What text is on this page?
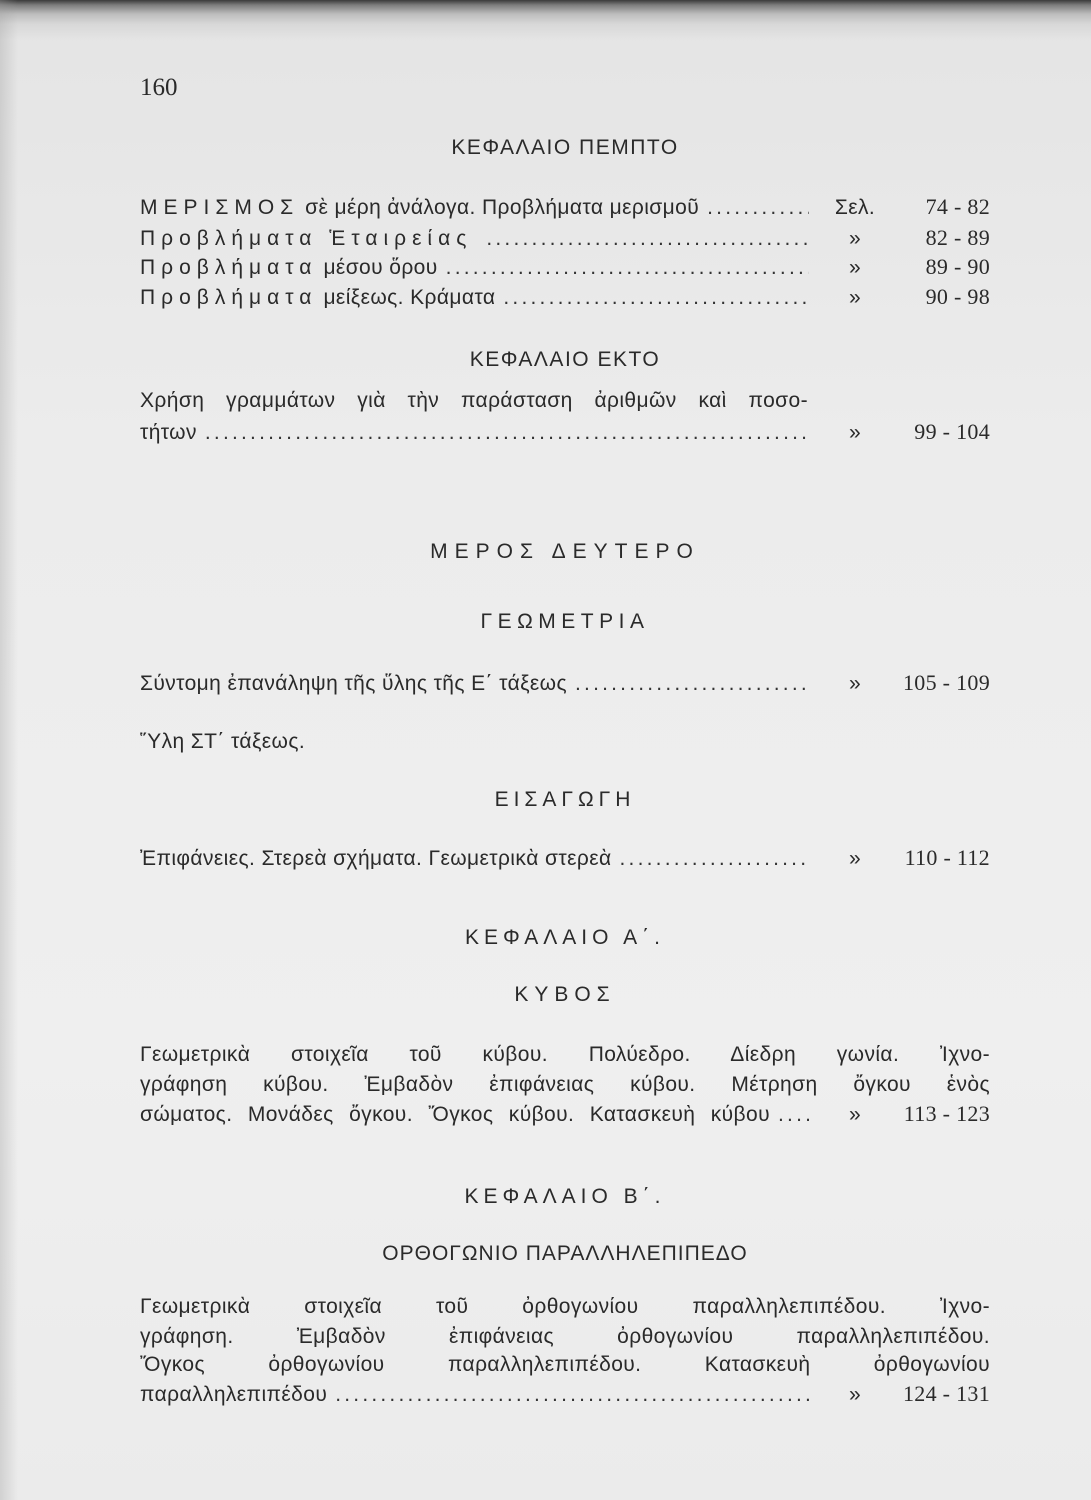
160
ΚΕΦΑΛΑΙΟ ΠΕΜΠΤΟ
ΜΕΡΙΣΜΟΣ σὲ μέρη ἀνάλογα. Προβλήματα μερισμοῦ .....	Σελ.	74 - 82
Προβλήματα Ἑταιρείας .....	»	82 - 89
Προβλήματα μέσου ὅρου .....	»	89 - 90
Προβλήματα μείξεως. Κράματα .....	»	90 - 98
ΚΕΦΑΛΑΙΟ ΕΚΤΟ
Χρήση γραμμάτων γιὰ τὴν παράσταση ἀριθμῶν καὶ ποσο-
τήτων .....	»	99 - 104
ΜΕΡΟΣ ΔΕΥΤΕΡΟ
ΓΕΩΜΕΤΡΙΑ
Σύντομη ἐπανάληψη τῆς ὕλης τῆς Ε΄ τάξεως .....	»	105 - 109
Ὕλη ΣΤ΄ τάξεως.
ΕΙΣΑΓΩΓΗ
Ἐπιφάνειες. Στερεὰ σχήματα. Γεωμετρικὰ στερεὰ .....	»	110 - 112
ΚΕΦΑΛΑΙΟ Α΄.
ΚΥΒΟΣ
Γεωμετρικὰ στοιχεῖα τοῦ κύβου. Πολύεδρο. Δίεδρη γωνία. Ἰχνο-
γράφηση κύβου. Ἐμβαδὸν ἐπιφάνειας κύβου. Μέτρηση ὄγκου ἑνὸς
σώματος. Μονάδες ὄγκου. Ὄγκος κύβου. Κατασκευὴ κύβου .....	»	113 - 123
ΚΕΦΑΛΑΙΟ Β΄.
ΟΡΘΟΓΩΝΙΟ ΠΑΡΑΛΛΗΛΕΠΙΠΕΔΟ
Γεωμετρικὰ στοιχεῖα τοῦ ὀρθογωνίου παραλληλεπιπέδου. Ἰχνο-
γράφηση. Ἐμβαδὸν ἐπιφάνειας ὀρθογωνίου παραλληλεπιπέδου.
Ὄγκος ὀρθογωνίου παραλληλεπιπέδου. Κατασκευὴ ὀρθογωνίου
παραλληλεπιπέδου .....	»	124 - 131
